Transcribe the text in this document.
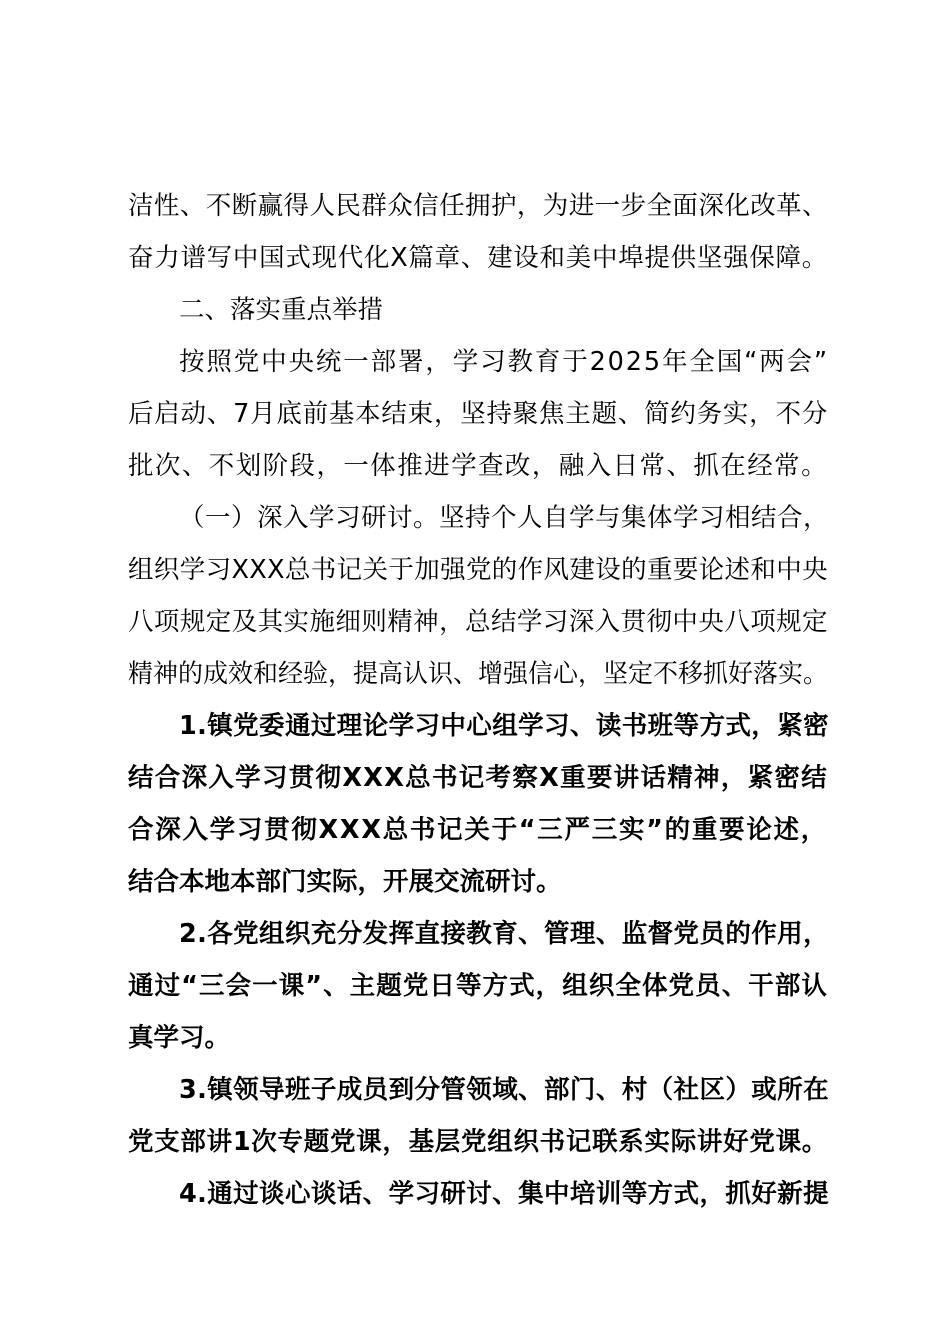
洁性、不断赢得人民群众信任拥护，为进一步全面深化改革、

奋力谱写中国式现代化X篇章、建设和美中埠提供坚强保障。

二、落实重点举措

按照党中央统一部署，学习教育于2025年全国“两会”

后启动、7月底前基本结束，坚持聚焦主题、简约务实，不分

批次、不划阶段，一体推进学查改，融入日常、抓在经常。

（一）深入学习研讨。坚持个人自学与集体学习相结合，

组织学习XXX总书记关于加强党的作风建设的重要论述和中央

八项规定及其实施细则精神，总结学习深入贯彻中央八项规定

精神的成效和经验，提高认识、增强信心，坚定不移抓好落实。

1.镇党委通过理论学习中心组学习、读书班等方式，紧密

结合深入学习贯彻XXX总书记考察X重要讲话精神，紧密结

合深入学习贯彻XXX总书记关于“三严三实”的重要论述，

结合本地本部门实际，开展交流研讨。

2.各党组织充分发挥直接教育、管理、监督党员的作用，

通过“三会一课”、主题党日等方式，组织全体党员、干部认

真学习。

3.镇领导班子成员到分管领域、部门、村（社区）或所在

党支部讲1次专题党课，基层党组织书记联系实际讲好党课。

4.通过谈心谈话、学习研讨、集中培训等方式，抓好新提
